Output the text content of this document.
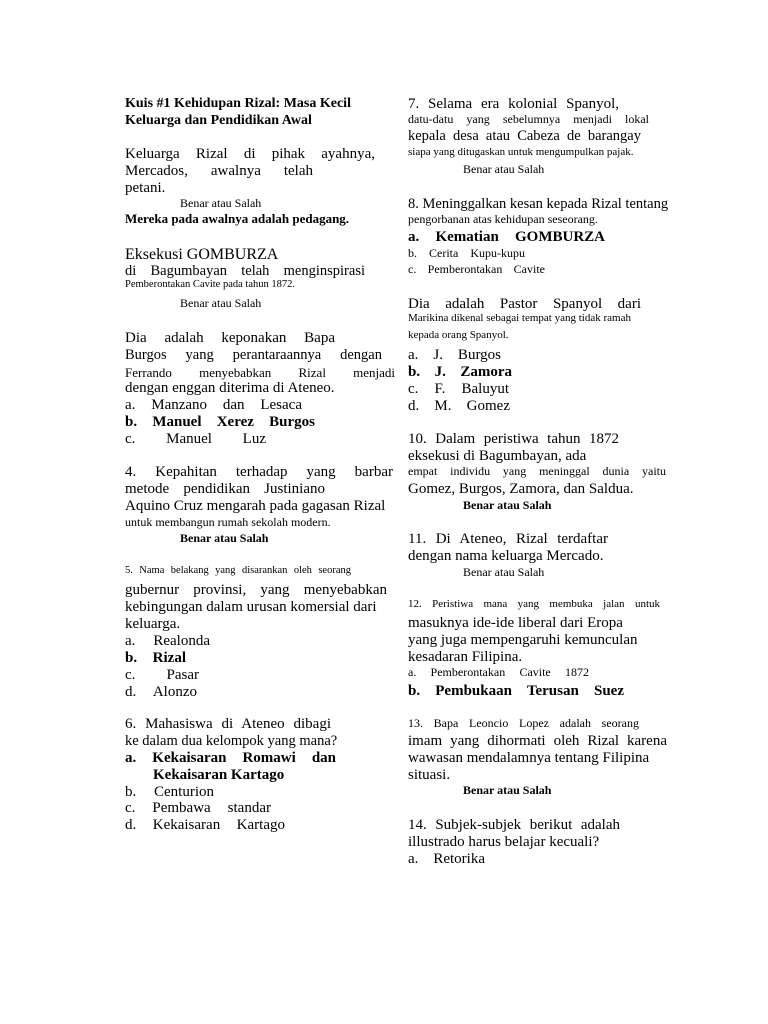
Kuis #1 Kehidupan Rizal: Masa Kecil
Keluarga dan Pendidikan Awal
Keluarga Rizal di pihak ayahnya,
Mercados, awalnya telah
petani.
Benar atau Salah
Mereka pada awalnya adalah pedagang.
Eksekusi GOMBURZA
di Bagumbayan telah menginspirasi
Pemberontakan Cavite pada tahun 1872.
Benar atau Salah
Dia adalah keponakan Bapa
Burgos yang perantaraannya dengan
Ferrando menyebabkan Rizal menjadi
dengan enggan diterima di Ateneo.
a. Manzano dan Lesaca
b. Manuel Xerez Burgos
c. Manuel Luz
4. Kepahitan terhadap yang barbar
metode pendidikan Justiniano
Aquino Cruz mengarah pada gagasan Rizal
untuk membangun rumah sekolah modern.
Benar atau Salah
5. Nama belakang yang disarankan oleh seorang
gubernur provinsi, yang menyebabkan
kebingungan dalam urusan komersial dari
keluarga.
a. Realonda
b. Rizal
c. Pasar
d. Alonzo
6. Mahasiswa di Ateneo dibagi
ke dalam dua kelompok yang mana?
a. Kekaisaran Romawi dan
Kekaisaran Kartago
b. Centurion
c. Pembawa standar
d. Kekaisaran Kartago
7. Selama era kolonial Spanyol,
datu-datu yang sebelumnya menjadi lokal
kepala desa atau Cabeza de barangay
siapa yang ditugaskan untuk mengumpulkan pajak.
Benar atau Salah
8. Meninggalkan kesan kepada Rizal tentang
pengorbanan atas kehidupan seseorang.
a. Kematian GOMBURZA
b. Cerita Kupu-kupu
c. Pemberontakan Cavite
Dia adalah Pastor Spanyol dari
Marikina dikenal sebagai tempat yang tidak ramah
kepada orang Spanyol.
a. J. Burgos
b. J. Zamora
c. F. Baluyut
d. M. Gomez
10. Dalam peristiwa tahun 1872
eksekusi di Bagumbayan, ada
empat individu yang meninggal dunia yaitu
Gomez, Burgos, Zamora, dan Saldua.
Benar atau Salah
11. Di Ateneo, Rizal terdaftar
dengan nama keluarga Mercado.
Benar atau Salah
12. Peristiwa mana yang membuka jalan untuk
masuknya ide-ide liberal dari Eropa
yang juga mempengaruhi kemunculan
kesadaran Filipina.
a. Pemberontakan Cavite 1872
b. Pembukaan Terusan Suez
13. Bapa Leoncio Lopez adalah seorang
imam yang dihormati oleh Rizal karena
wawasan mendalamnya tentang Filipina
situasi.
Benar atau Salah
14. Subjek-subjek berikut adalah
illustrado harus belajar kecuali?
a. Retorika
